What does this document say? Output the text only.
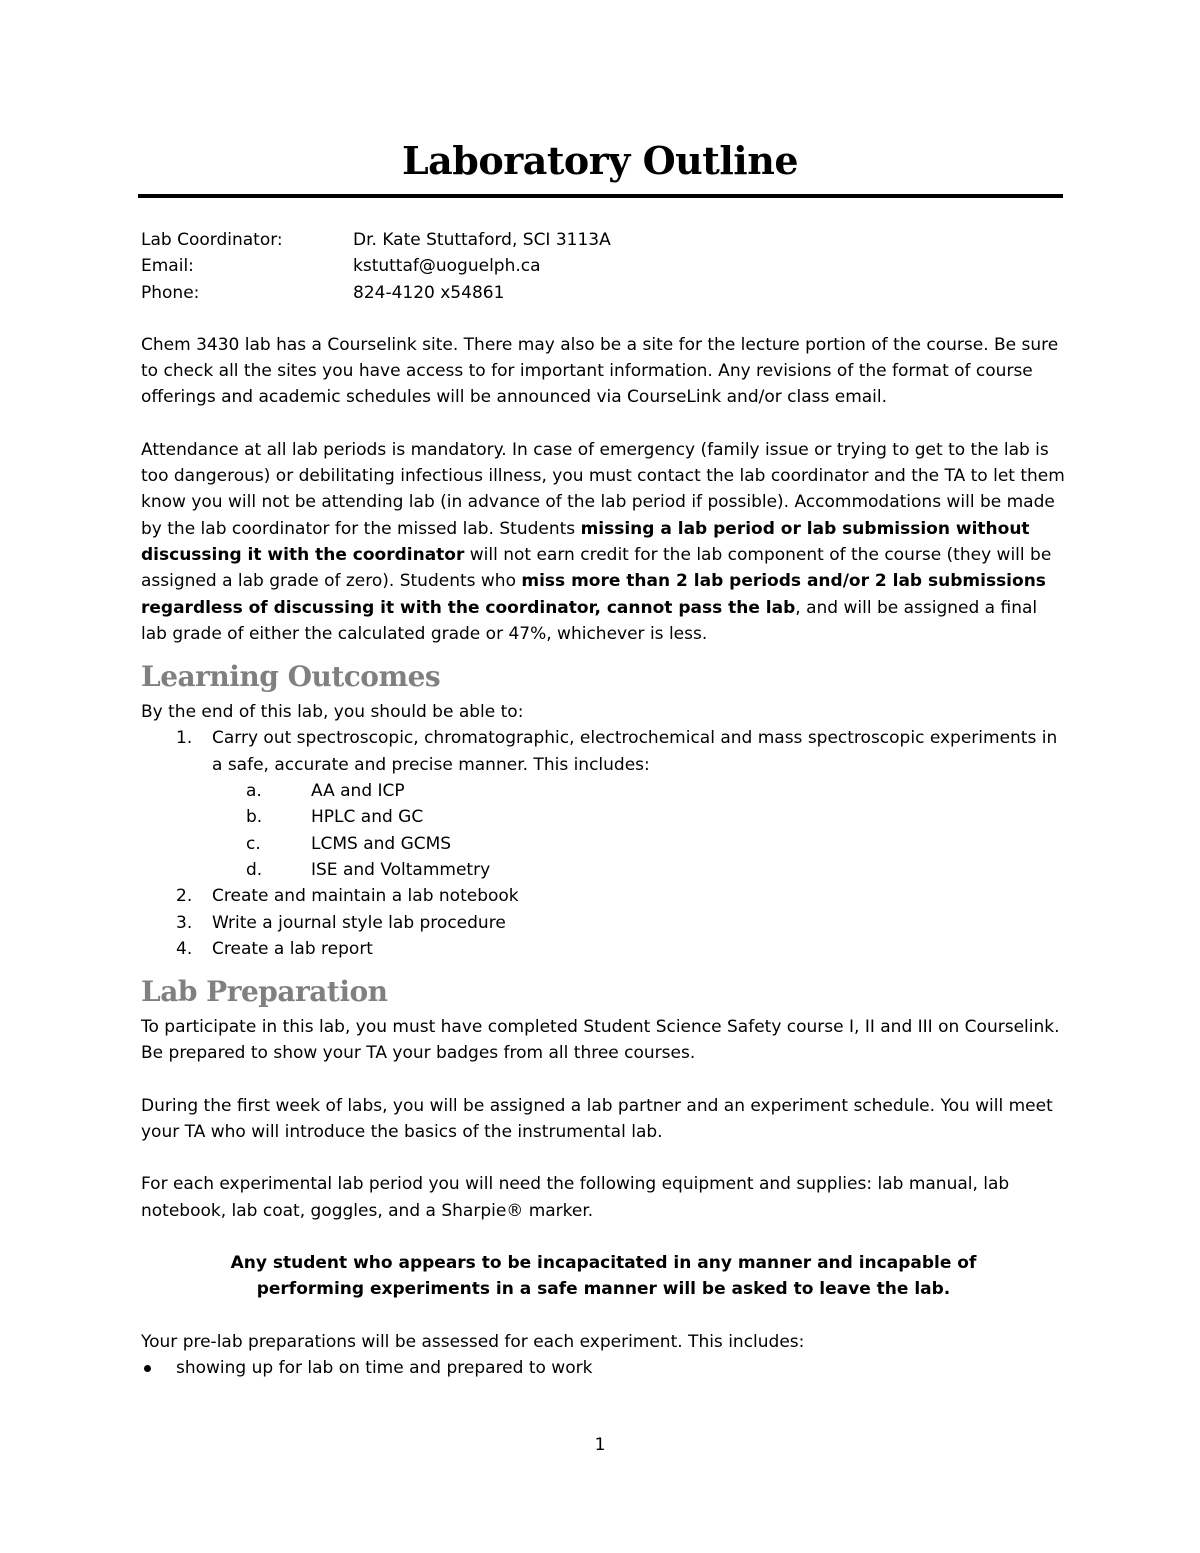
Laboratory Outline
Lab Coordinator:	Dr. Kate Stuttaford, SCI 3113A
Email:	kstuttaf@uoguelph.ca
Phone:	824-4120 x54861

Chem 3430 lab has a Courselink site. There may also be a site for the lecture portion of the course. Be sure to check all the sites you have access to for important information. Any revisions of the format of course offerings and academic schedules will be announced via CourseLink and/or class email.

Attendance at all lab periods is mandatory. In case of emergency (family issue or trying to get to the lab is too dangerous) or debilitating infectious illness, you must contact the lab coordinator and the TA to let them know you will not be attending lab (in advance of the lab period if possible). Accommodations will be made by the lab coordinator for the missed lab. Students missing a lab period or lab submission without discussing it with the coordinator will not earn credit for the lab component of the course (they will be assigned a lab grade of zero). Students who miss more than 2 lab periods and/or 2 lab submissions regardless of discussing it with the coordinator, cannot pass the lab, and will be assigned a final lab grade of either the calculated grade or 47%, whichever is less.

Learning Outcomes

By the end of this lab, you should be able to:

1. Carry out spectroscopic, chromatographic, electrochemical and mass spectroscopic experiments in a safe, accurate and precise manner. This includes:
a.	AA and ICP
b.	HPLC and GC
c.	LCMS and GCMS
d.	ISE and Voltammetry
2. Create and maintain a lab notebook
3. Write a journal style lab procedure
4. Create a lab report
Lab Preparation

To participate in this lab, you must have completed Student Science Safety course I, II and III on Courselink. Be prepared to show your TA your badges from all three courses.

During the first week of labs, you will be assigned a lab partner and an experiment schedule. You will meet your TA who will introduce the basics of the instrumental lab.

For each experimental lab period you will need the following equipment and supplies: lab manual, lab notebook, lab coat, goggles, and a Sharpie® marker.

Any student who appears to be incapacitated in any manner and incapable of

performing experiments in a safe manner will be asked to leave the lab.

Your pre-lab preparations will be assessed for each experiment. This includes:

showing up for lab on time and prepared to work
1
